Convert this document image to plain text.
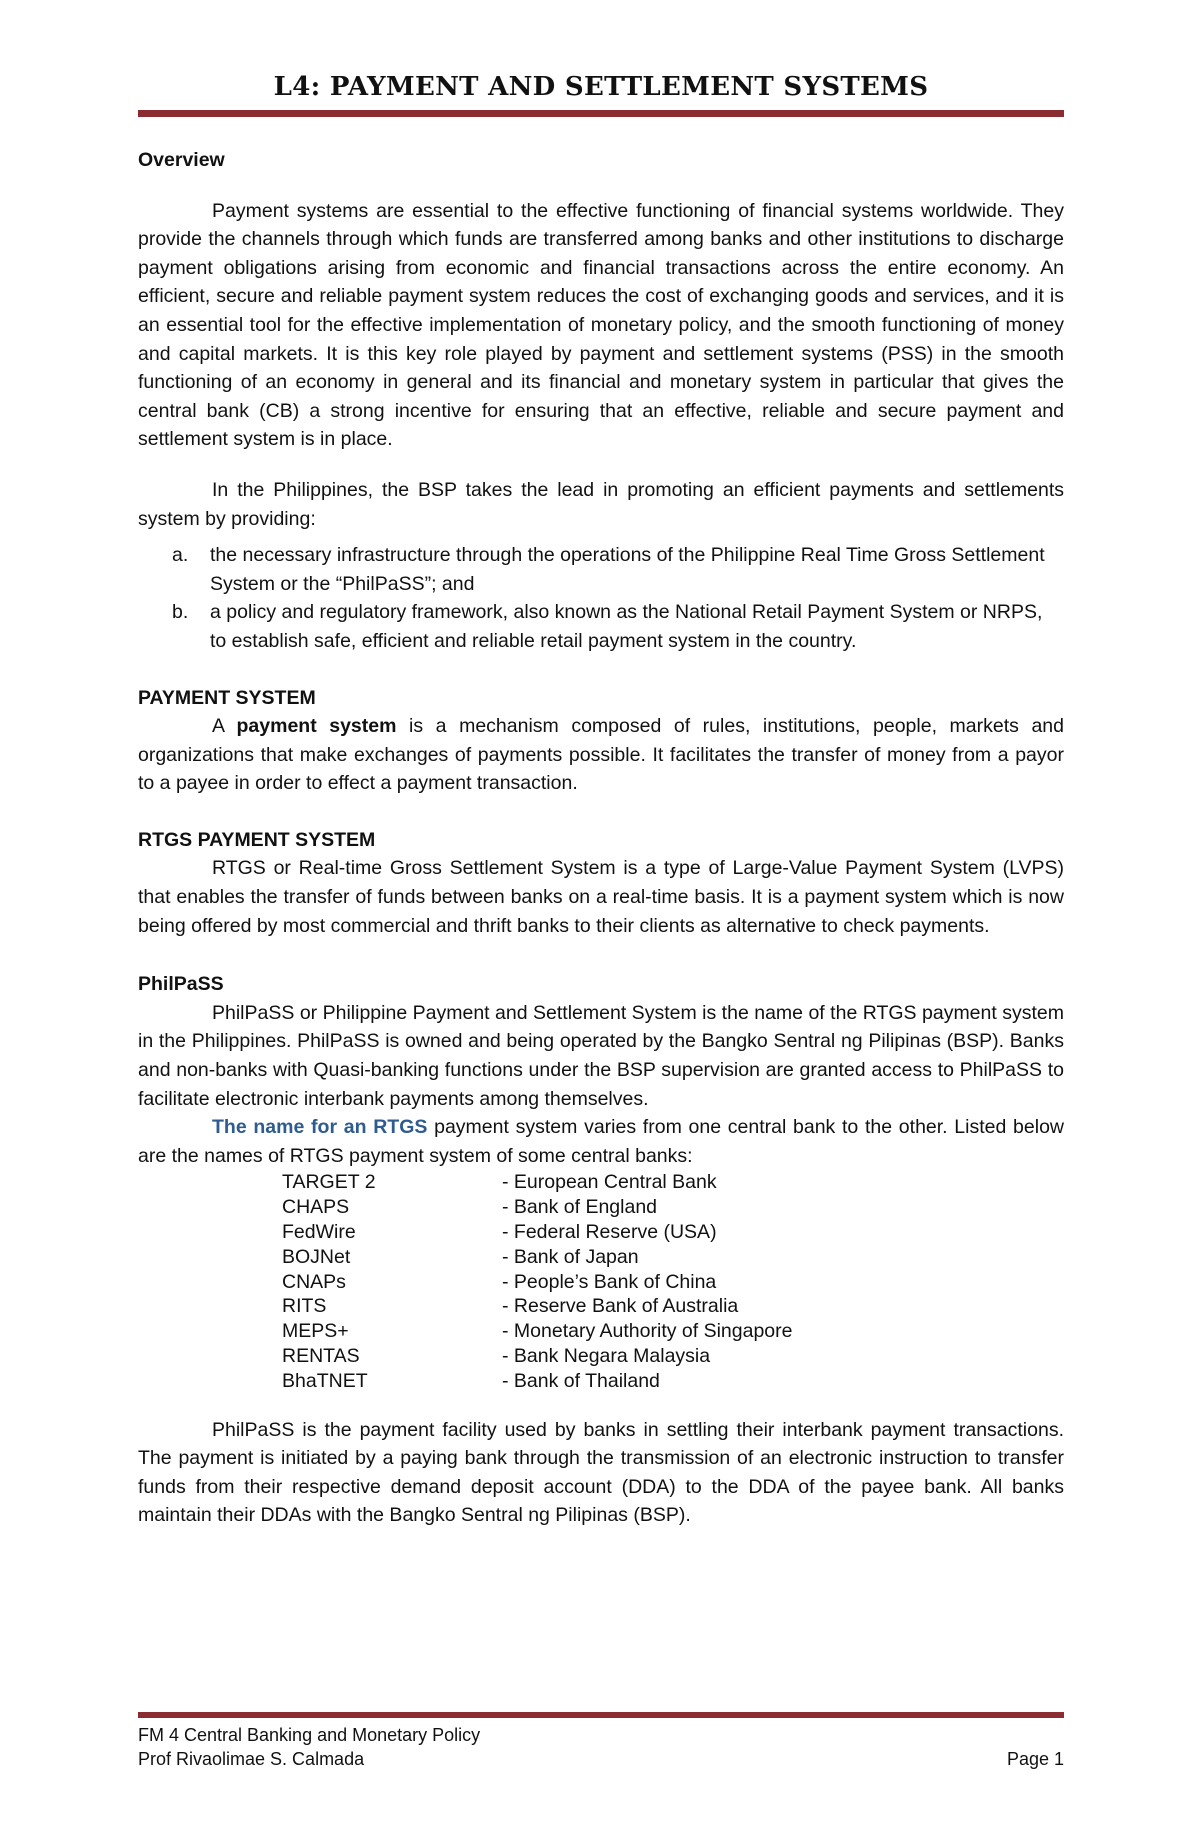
L4: PAYMENT AND SETTLEMENT SYSTEMS
Overview

Payment systems are essential to the effective functioning of financial systems worldwide. They provide the channels through which funds are transferred among banks and other institutions to discharge payment obligations arising from economic and financial transactions across the entire economy. An efficient, secure and reliable payment system reduces the cost of exchanging goods and services, and it is an essential tool for the effective implementation of monetary policy, and the smooth functioning of money and capital markets. It is this key role played by payment and settlement systems (PSS) in the smooth functioning of an economy in general and its financial and monetary system in particular that gives the central bank (CB) a strong incentive for ensuring that an effective, reliable and secure payment and settlement system is in place.

In the Philippines, the BSP takes the lead in promoting an efficient payments and settlements system by providing:

a.	the necessary infrastructure through the operations of the Philippine Real Time Gross Settlement System or the “PhilPaSS”; and
b.	a policy and regulatory framework, also known as the National Retail Payment System or NRPS, to establish safe, efficient and reliable retail payment system in the country.
PAYMENT SYSTEM

A payment system is a mechanism composed of rules, institutions, people, markets and organizations that make exchanges of payments possible. It facilitates the transfer of money from a payor to a payee in order to effect a payment transaction.

RTGS PAYMENT SYSTEM

RTGS or Real-time Gross Settlement System is a type of Large-Value Payment System (LVPS) that enables the transfer of funds between banks on a real-time basis. It is a payment system which is now being offered by most commercial and thrift banks to their clients as alternative to check payments.

PhilPaSS

PhilPaSS or Philippine Payment and Settlement System is the name of the RTGS payment system in the Philippines. PhilPaSS is owned and being operated by the Bangko Sentral ng Pilipinas (BSP). Banks and non-banks with Quasi-banking functions under the BSP supervision are granted access to PhilPaSS to facilitate electronic interbank payments among themselves.

The name for an RTGS payment system varies from one central bank to the other. Listed below are the names of RTGS payment system of some central banks:

TARGET 2	- European Central Bank
CHAPS	- Bank of England
FedWire	- Federal Reserve (USA)
BOJNet	- Bank of Japan
CNAPs	- People’s Bank of China
RITS	- Reserve Bank of Australia
MEPS+	- Monetary Authority of Singapore
RENTAS	- Bank Negara Malaysia
BhaTNET	- Bank of Thailand

PhilPaSS is the payment facility used by banks in settling their interbank payment transactions. The payment is initiated by a paying bank through the transmission of an electronic instruction to transfer funds from their respective demand deposit account (DDA) to the DDA of the payee bank. All banks maintain their DDAs with the Bangko Sentral ng Pilipinas (BSP).

FM 4 Central Banking and Monetary Policy
Prof Rivaolimae S. Calmada	Page 1
